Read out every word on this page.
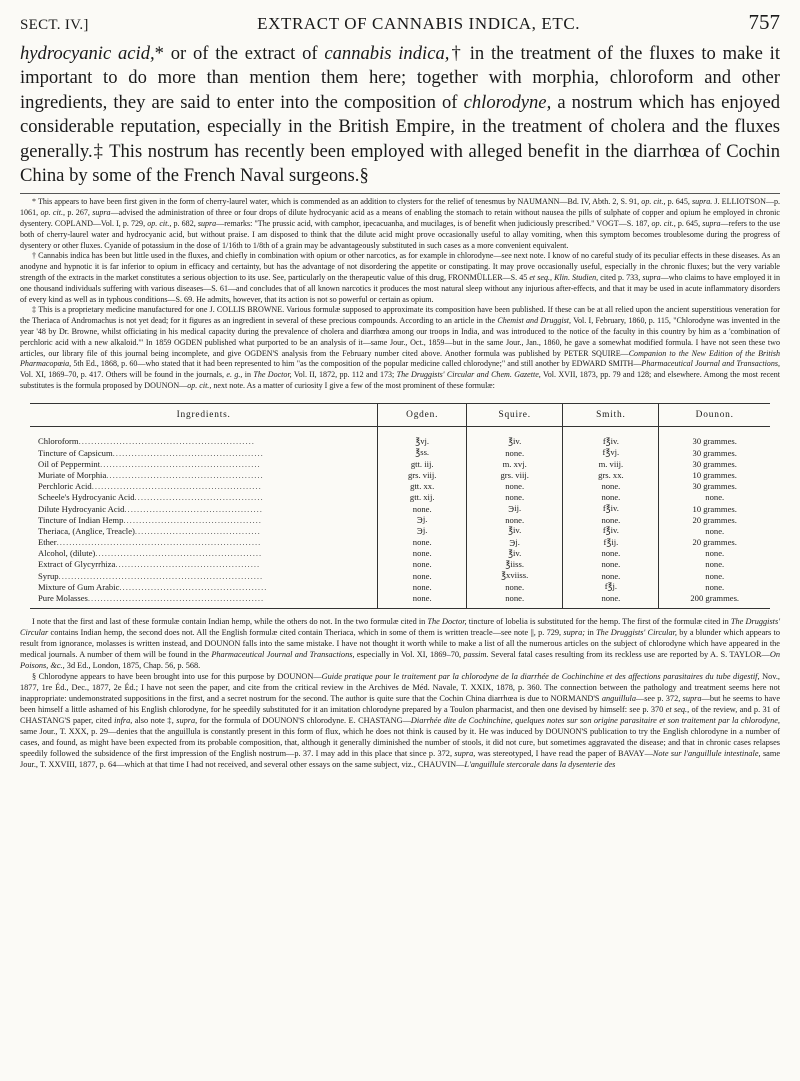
SECT. IV.]	EXTRACT OF CANNABIS INDICA, ETC.	757

hydrocyanic acid,* or of the extract of cannabis indica,† in the treatment of the fluxes to make it important to do more than mention them here; together with morphia, chloroform and other ingredients, they are said to enter into the composition of chlorodyne, a nostrum which has enjoyed considerable reputation, especially in the British Empire, in the treatment of cholera and the fluxes generally.‡ This nostrum has recently been employed with alleged benefit in the diarrhœa of Cochin China by some of the French Naval surgeons.§

* This appears to have been first given in the form of cherry-laurel water, which is commended as an addition to clysters for the relief of tenesmus by NAUMANN—Bd. IV, Abth. 2, S. 91, op. cit., p. 645, supra. J. ELLIOTSON—p. 1061, op. cit., p. 267, supra—advised the administration of three or four drops of dilute hydrocyanic acid as a means of enabling the stomach to retain without nausea the pills of sulphate of copper and opium he employed in chronic dysentery. COPLAND—Vol. I, p. 729, op. cit., p. 682, supra—remarks: "The prussic acid, with camphor, ipecacuanha, and mucilages, is of benefit when judiciously prescribed." VOGT—S. 187, op. cit., p. 645, supra—refers to the use both of cherry-laurel water and hydrocyanic acid, but without praise. I am disposed to think that the dilute acid might prove occasionally useful to allay vomiting, when this symptom becomes troublesome during the progress of dysentery or other fluxes. Cyanide of potassium in the dose of 1/16th to 1/8th of a grain may be advantageously substituted in such cases as a more convenient equivalent.

† Cannabis indica has been but little used in the fluxes, and chiefly in combination with opium or other narcotics, as for example in chlorodyne—see next note. I know of no careful study of its peculiar effects in these diseases. As an anodyne and hypnotic it is far inferior to opium in efficacy and certainty, but has the advantage of not disordering the appetite or constipating. It may prove occasionally useful, especially in the chronic fluxes; but the very variable strength of the extracts in the market constitutes a serious objection to its use. See, particularly on the therapeutic value of this drug, FRONMÜLLER—S. 45 et seq., Klin. Studien, cited p. 733, supra—who claims to have employed it in one thousand individuals suffering with various diseases—S. 61—and concludes that of all known narcotics it produces the most natural sleep without any injurious after-effects, and that it may be used in acute inflammatory disorders of every kind as well as in typhous conditions—S. 69. He admits, however, that its action is not so powerful or certain as opium.

‡ This is a proprietary medicine manufactured for one J. COLLIS BROWNE. Various formulæ supposed to approximate its composition have been published. If these can be at all relied upon the ancient superstitious veneration for the Theriaca of Andromachus is not yet dead; for it figures as an ingredient in several of these precious compounds. According to an article in the Chemist and Druggist, Vol. I, February, 1860, p. 115, "Chlorodyne was invented in the year '48 by Dr. Browne, whilst officiating in his medical capacity during the prevalence of cholera and diarrhœa among our troops in India, and was introduced to the notice of the faculty in this country by him as a 'combination of perchloric acid with a new alkaloid.'" In 1859 OGDEN published what purported to be an analysis of it—same Jour., Oct., 1859—but in the same Jour., Jan., 1860, he gave a somewhat modified formula. I have not seen these two articles, our library file of this journal being incomplete, and give OGDEN'S analysis from the February number cited above. Another formula was published by PETER SQUIRE—Companion to the New Edition of the British Pharmacopœia, 5th Ed., 1868, p. 60—who stated that it had been represented to him "as the composition of the popular medicine called chlorodyne;" and still another by EDWARD SMITH—Pharmaceutical Journal and Transactions, Vol. XI, 1869–70, p. 417. Others will be found in the journals, e. g., in The Doctor, Vol. II, 1872, pp. 112 and 173; The Druggists' Circular and Chem. Gazette, Vol. XVII, 1873, pp. 79 and 128; and elsewhere. Among the most recent substitutes is the formula proposed by DOUNON—op. cit., next note. As a matter of curiosity I give a few of the most prominent of these formulæ:

Ingredients.	Ogden.	Squire.	Smith.	Dounon.
Chloroform........................................................	℥vj.	℥iv.	f℥iv.	30 grammes.
Tincture of Capsicum................................................	℥ss.	none.	f℥vj.	30 grammes.
Oil of Peppermint...................................................	gtt. iij.	m. xvj.	m. viij.	30 grammes.
Muriate of Morphia..................................................	grs. viij.	grs. viij.	grs. xx.	10 grammes.
Perchloric Acid......................................................	gtt. xx.	none.	none.	30 grammes.
Scheele's Hydrocyanic Acid.........................................	gtt. xij.	none.	none.	none.
Dilute Hydrocyanic Acid............................................	none.	℈ij.	f℥iv.	10 grammes.
Tincture of Indian Hemp............................................	℈j.	none.	none.	20 grammes.
Theriaca, (Anglice, Treacle)........................................	℈j.	℥iv.	f℥iv.	none.
Ether.................................................................	none.	℈j.	f℥ij.	20 grammes.
Alcohol, (dilute).....................................................	none.	℥iv.	none.	none.
Extract of Glycyrrhiza..............................................	none.	℥iiss.	none.	none.
Syrup.................................................................	none.	℥xviiss.	none.	none.
Mixture of Gum Arabic...............................................	none.	none.	f℥j.	none.
Pure Molasses........................................................	none.	none.	none.	200 grammes.

I note that the first and last of these formulæ contain Indian hemp, while the others do not. In the two formulæ cited in The Doctor, tincture of lobelia is substituted for the hemp. The first of the formulæ cited in The Druggists' Circular contains Indian hemp, the second does not. All the English formulæ cited contain Theriaca, which in some of them is written treacle—see note ||, p. 729, supra; in The Druggists' Circular, by a blunder which appears to result from ignorance, molasses is written instead, and DOUNON falls into the same mistake. I have not thought it worth while to make a list of all the numerous articles on the subject of chlorodyne which have appeared in the medical journals. A number of them will be found in the Pharmaceutical Journal and Transactions, especially in Vol. XI, 1869–70, passim. Several fatal cases resulting from its reckless use are reported by A. S. TAYLOR—On Poisons, &c., 3d Ed., London, 1875, Chap. 56, p. 568.

§ Chlorodyne appears to have been brought into use for this purpose by DOUNON—Guide pratique pour le traitement par la chlorodyne de la diarrhée de Cochinchine et des affections parasitaires du tube digestif, Nov., 1877, 1re Éd., Dec., 1877, 2e Éd.; I have not seen the paper, and cite from the critical review in the Archives de Méd. Navale, T. XXIX, 1878, p. 360. The connection between the pathology and treatment seems here not inappropriate: undemonstrated suppositions in the first, and a secret nostrum for the second. The author is quite sure that the Cochin China diarrhœa is due to NORMAND'S anguillula—see p. 372, supra—but he seems to have been himself a little ashamed of his English chlorodyne, for he speedily substituted for it an imitation chlorodyne prepared by a Toulon pharmacist, and then one devised by himself: see p. 370 et seq., of the review, and p. 31 of CHASTANG'S paper, cited infra, also note ‡, supra, for the formula of DOUNON'S chlorodyne. E. CHASTANG—Diarrhée dite de Cochinchine, quelques notes sur son origine parasitaire et son traitement par la chlorodyne, same Jour., T. XXX, p. 29—denies that the anguillula is constantly present in this form of flux, which he does not think is caused by it. He was induced by DOUNON'S publication to try the English chlorodyne in a number of cases, and found, as might have been expected from its probable composition, that, although it generally diminished the number of stools, it did not cure, but sometimes aggravated the disease; and that in chronic cases relapses speedily followed the subsidence of the first impression of the English nostrum—p. 37. I may add in this place that since p. 372, supra, was stereotyped, I have read the paper of BAVAY—Note sur l'anguillule intestinale, same Jour., T. XXVIII, 1877, p. 64—which at that time I had not received, and several other essays on the same subject, viz., CHAUVIN—L'anguillule stercorale dans la dysenterie des
